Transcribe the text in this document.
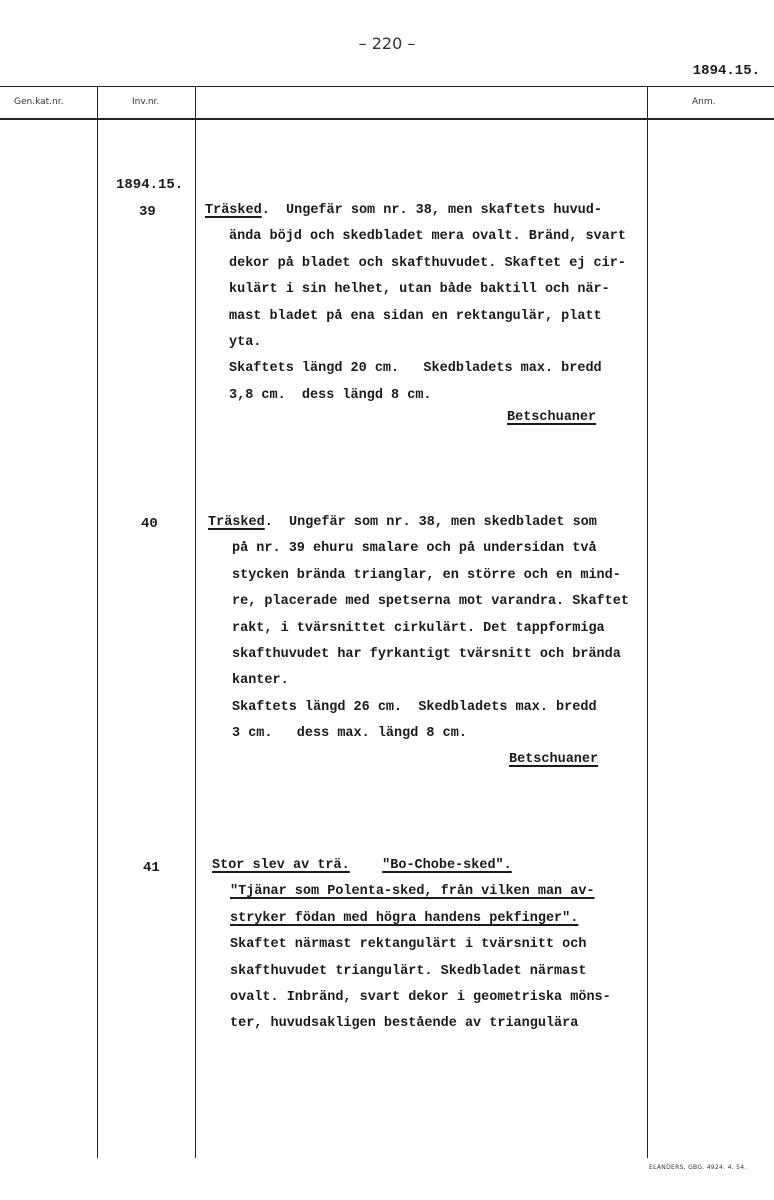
– 220 –
1894.15.
Gen.kat.nr.	Inv.nr.	Anm.
1894.15.
39	Träsked.  Ungefär som nr. 38, men skaftets huvud-
ända böjd och skedbladet mera ovalt. Bränd, svart
dekor på bladet och skafthuvudet. Skaftet ej cir-
kulärt i sin helhet, utan både baktill och när-
mast bladet på ena sidan en rektangulär, platt
yta.
Skaftets längd 20 cm.   Skedbladets max. bredd
3,8 cm.  dess längd 8 cm.
Betschuaner
40	Träsked.  Ungefär som nr. 38, men skedbladet som
på nr. 39 ehuru smalare och på undersidan två
stycken brända trianglar, en större och en mind-
re, placerade med spetserna mot varandra. Skaftet
rakt, i tvärsnittet cirkulärt. Det tappformiga
skafthuvudet har fyrkantigt tvärsnitt och brända
kanter.
Skaftets längd 26 cm.  Skedbladets max. bredd
3 cm.   dess max. längd 8 cm.
Betschuaner
41	Stor slev av trä. "Bo-Chobe-sked".
"Tjänar som Polenta-sked, från vilken man av-
stryker födan med högra handens pekfinger".
Skaftet närmast rektangulärt i tvärsnitt och
skafthuvudet triangulärt. Skedbladet närmast
ovalt. Inbränd, svart dekor i geometriska möns-
ter, huvudsakligen bestående av triangulära
ELANDERS, GBG. 4924. 4. 54.
